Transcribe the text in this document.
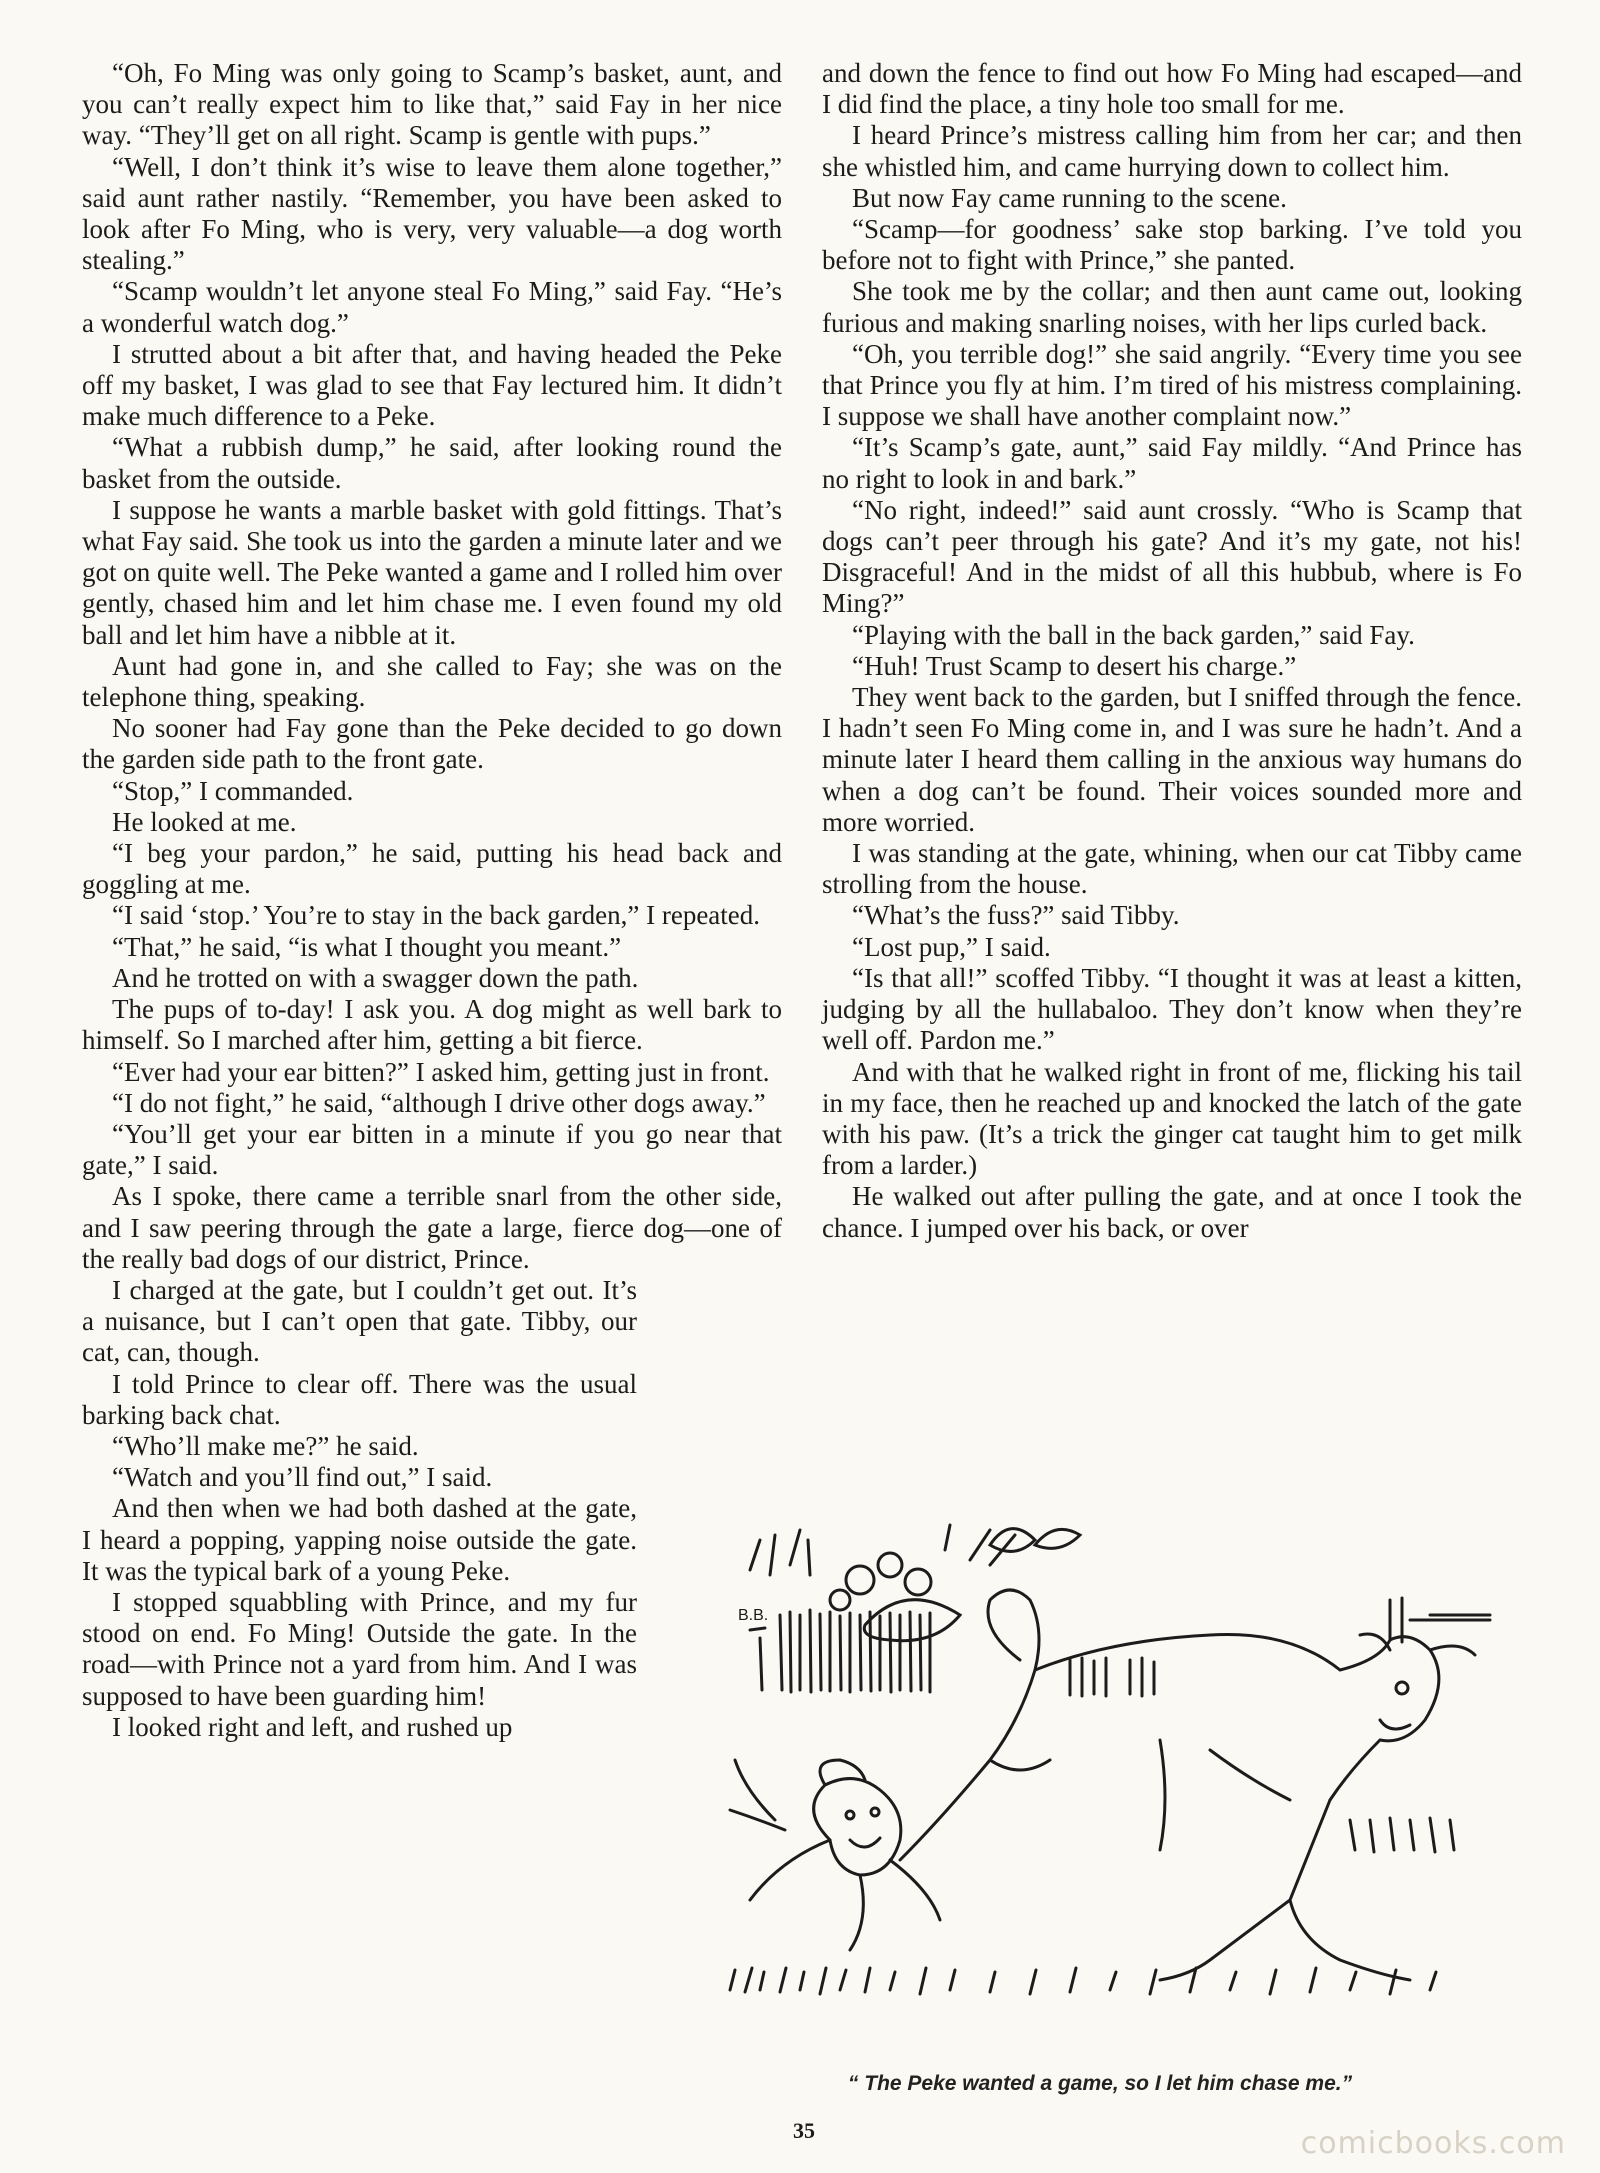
“Oh, Fo Ming was only going to Scamp’s basket, aunt, and you can’t really expect him to like that,” said Fay in her nice way. “They’ll get on all right. Scamp is gentle with pups.”

“Well, I don’t think it’s wise to leave them alone together,” said aunt rather nastily. “Remember, you have been asked to look after Fo Ming, who is very, very valuable—a dog worth stealing.”

“Scamp wouldn’t let anyone steal Fo Ming,” said Fay. “He’s a wonderful watch dog.”

I strutted about a bit after that, and having headed the Peke off my basket, I was glad to see that Fay lectured him. It didn’t make much difference to a Peke.

“What a rubbish dump,” he said, after looking round the basket from the outside.

I suppose he wants a marble basket with gold fittings. That’s what Fay said. She took us into the garden a minute later and we got on quite well. The Peke wanted a game and I rolled him over gently, chased him and let him chase me. I even found my old ball and let him have a nibble at it.

Aunt had gone in, and she called to Fay; she was on the telephone thing, speaking.

No sooner had Fay gone than the Peke decided to go down the garden side path to the front gate.

“Stop,” I commanded.

He looked at me.

“I beg your pardon,” he said, putting his head back and goggling at me.

“I said ‘stop.’ You’re to stay in the back garden,” I repeated.

“That,” he said, “is what I thought you meant.”

And he trotted on with a swagger down the path.

The pups of to-day! I ask you. A dog might as well bark to himself. So I marched after him, getting a bit fierce.

“Ever had your ear bitten?” I asked him, getting just in front.

“I do not fight,” he said, “although I drive other dogs away.”

“You’ll get your ear bitten in a minute if you go near that gate,” I said.

As I spoke, there came a terrible snarl from the other side, and I saw peering through the gate a large, fierce dog—one of the really bad dogs of our district, Prince.

I charged at the gate, but I couldn’t get out. It’s a nuisance, but I can’t open that gate. Tibby, our cat, can, though.

I told Prince to clear off. There was the usual barking back chat.

“Who’ll make me?” he said.

“Watch and you’ll find out,” I said.

And then when we had both dashed at the gate, I heard a popping, yapping noise outside the gate. It was the typical bark of a young Peke.

I stopped squabbling with Prince, and my fur stood on end. Fo Ming! Outside the gate. In the road—with Prince not a yard from him. And I was supposed to have been guarding him!

I looked right and left, and rushed up

and down the fence to find out how Fo Ming had escaped—and I did find the place, a tiny hole too small for me.

I heard Prince’s mistress calling him from her car; and then she whistled him, and came hurrying down to collect him.

But now Fay came running to the scene.

“Scamp—for goodness’ sake stop barking. I’ve told you before not to fight with Prince,” she panted.

She took me by the collar; and then aunt came out, looking furious and making snarling noises, with her lips curled back.

“Oh, you terrible dog!” she said angrily. “Every time you see that Prince you fly at him. I’m tired of his mistress complaining. I suppose we shall have another complaint now.”

“It’s Scamp’s gate, aunt,” said Fay mildly. “And Prince has no right to look in and bark.”

“No right, indeed!” said aunt crossly. “Who is Scamp that dogs can’t peer through his gate? And it’s my gate, not his! Disgraceful! And in the midst of all this hubbub, where is Fo Ming?”

“Playing with the ball in the back garden,” said Fay.

“Huh! Trust Scamp to desert his charge.”

They went back to the garden, but I sniffed through the fence. I hadn’t seen Fo Ming come in, and I was sure he hadn’t. And a minute later I heard them calling in the anxious way humans do when a dog can’t be found. Their voices sounded more and more worried.

I was standing at the gate, whining, when our cat Tibby came strolling from the house.

“What’s the fuss?” said Tibby.

“Lost pup,” I said.

“Is that all!” scoffed Tibby. “I thought it was at least a kitten, judging by all the hullabaloo. They don’t know when they’re well off. Pardon me.”

And with that he walked right in front of me, flicking his tail in my face, then he reached up and knocked the latch of the gate with his paw. (It’s a trick the ginger cat taught him to get milk from a larder.)

He walked out after pulling the gate, and at once I took the chance. I jumped over his back, or over

B.B.
“ The Peke wanted a game, so I let him chase me.”
35	comicbooks.com
